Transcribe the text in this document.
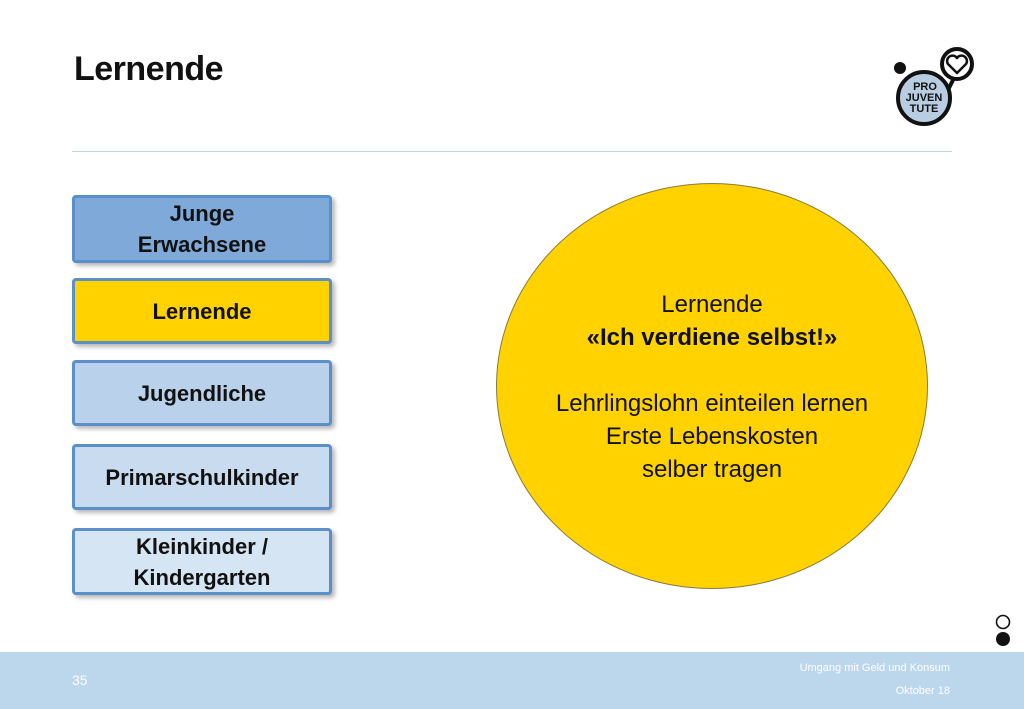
Lernende	PRO
JUVEN
TUTE
Junge
Erwachsene
Lernende
Jugendliche
Primarschulkinder
Kleinkinder /
Kindergarten
Lernende
«Ich verdiene selbst!»
Lehrlingslohn einteilen lernen
Erste Lebenskosten
selber tragen
35
Umgang mit Geld und Konsum
Oktober 18
